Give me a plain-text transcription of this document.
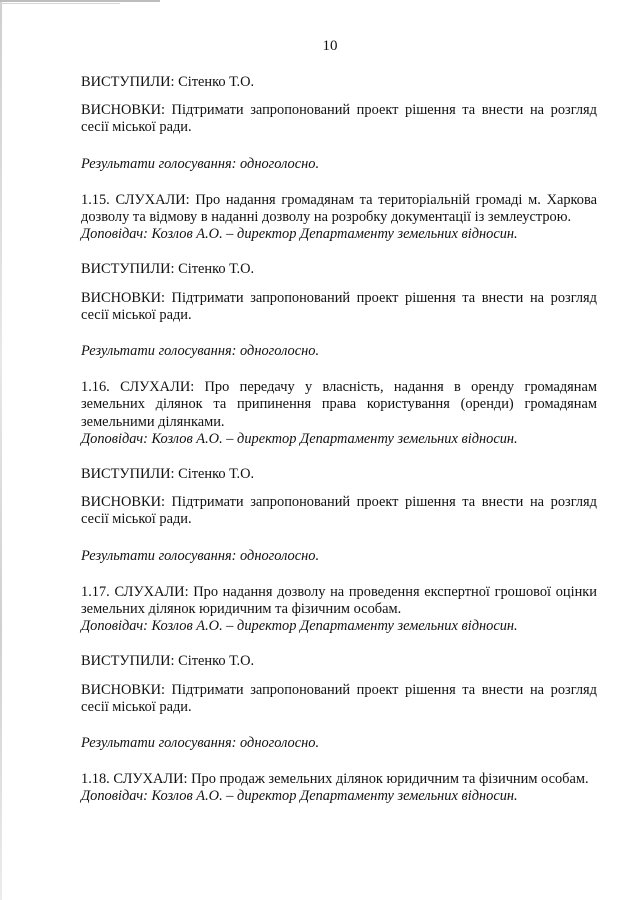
10

ВИСТУПИЛИ: Сітенко Т.О.

ВИСНОВКИ: Підтримати запропонований проект рішення та внести на розгляд сесії міської ради.

Результати голосування: одноголосно.

1.15. СЛУХАЛИ: Про надання громадянам та територіальній громаді м. Харкова дозволу та відмову в наданні дозволу на розробку документації із землеустрою.

Доповідач: Козлов А.О. – директор Департаменту земельних відносин.

ВИСТУПИЛИ: Сітенко Т.О.

ВИСНОВКИ: Підтримати запропонований проект рішення та внести на розгляд сесії міської ради.

Результати голосування: одноголосно.

1.16. СЛУХАЛИ: Про передачу у власність, надання в оренду громадянам земельних ділянок та припинення права користування (оренди) громадянам земельними ділянками.

Доповідач: Козлов А.О. – директор Департаменту земельних відносин.

ВИСТУПИЛИ: Сітенко Т.О.

ВИСНОВКИ: Підтримати запропонований проект рішення та внести на розгляд сесії міської ради.

Результати голосування: одноголосно.

1.17. СЛУХАЛИ: Про надання дозволу на проведення експертної грошової оцінки земельних ділянок юридичним та фізичним особам.

Доповідач: Козлов А.О. – директор Департаменту земельних відносин.

ВИСТУПИЛИ: Сітенко Т.О.

ВИСНОВКИ: Підтримати запропонований проект рішення та внести на розгляд сесії міської ради.

Результати голосування: одноголосно.

1.18. СЛУХАЛИ: Про продаж земельних ділянок юридичним та фізичним особам.

Доповідач: Козлов А.О. – директор Департаменту земельних відносин.
